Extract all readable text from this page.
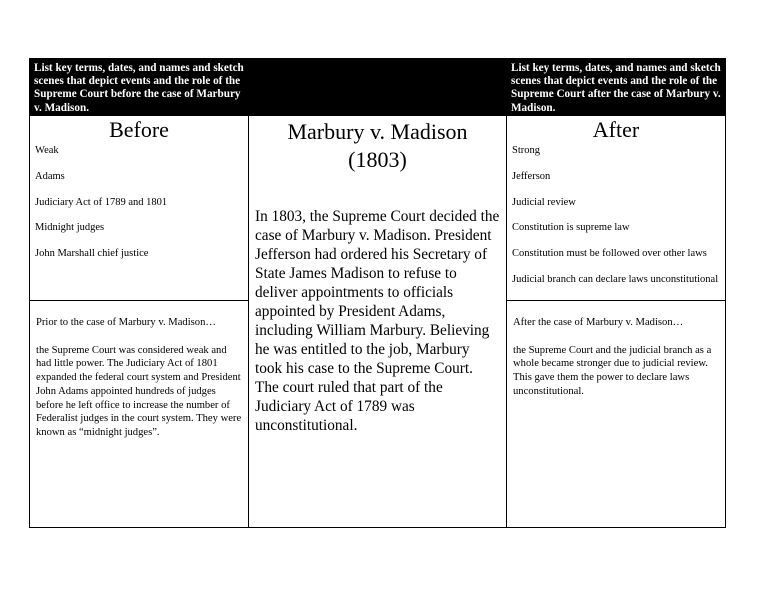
List key terms, dates, and names and sketch scenes that depict events and the role of the Supreme Court before the case of Marbury v. Madison.
List key terms, dates, and names and sketch scenes that depict events and the role of the Supreme Court after the case of Marbury v. Madison.
Before
Weak
Adams
Judiciary Act of 1789 and 1801
Midnight judges
John Marshall chief justice

Prior to the case of Marbury v. Madison…

the Supreme Court was considered weak and had little power. The Judiciary Act of 1801 expanded the federal court system and President John Adams appointed hundreds of judges before he left office to increase the number of Federalist judges in the court system. They were known as “midnight judges”.

Marbury v. Madison
(1803)
In 1803, the Supreme Court decided the case of Marbury v. Madison. President Jefferson had ordered his Secretary of State James Madison to refuse to deliver appointments to officials appointed by President Adams, including William Marbury. Believing he was entitled to the job, Marbury took his case to the Supreme Court. The court ruled that part of the Judiciary Act of 1789 was unconstitutional.
After
Strong
Jefferson
Judicial review
Constitution is supreme law
Constitution must be followed over other laws
Judicial branch can declare laws unconstitutional

After the case of Marbury v. Madison…

the Supreme Court and the judicial branch as a whole became stronger due to judicial review. This gave them the power to declare laws unconstitutional.
